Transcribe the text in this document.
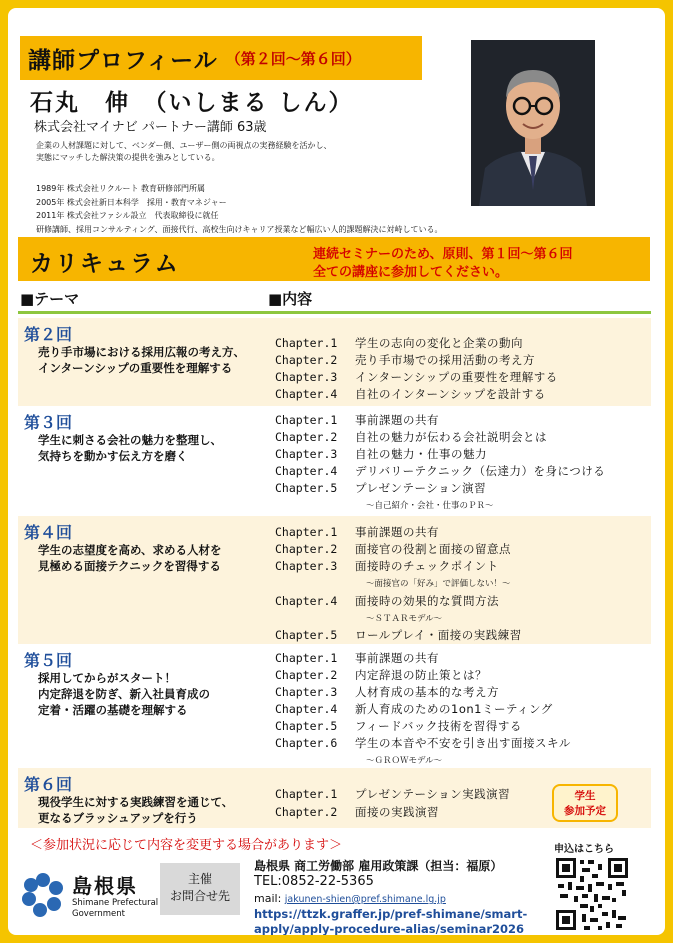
講師プロフィール （第２回～第６回）
石丸　伸　（いしまる しん）
株式会社マイナビ パートナー講師 63歳
企業の人材課題に対して、ベンダー側、ユーザー側の両視点の実務経験を活かし、
実態にマッチした解決策の提供を強みとしている。
1989年 株式会社リクルート 教育研修部門所属
2005年 株式会社新日本科学　採用・教育マネジャー
2011年 株式会社ファシル設立　代表取締役に就任
研修講師、採用コンサルティング、面接代行、高校生向けキャリア授業など幅広い人的課題解決に対峙している。
カリキュラム	連続セミナーのため、原則、第１回～第６回
全ての講座に参加してください。
■テーマ	■内容
第２回
売り手市場における採用広報の考え方、
インターンシップの重要性を理解する
Chapter.1 学生の志向の変化と企業の動向
Chapter.2 売り手市場での採用活動の考え方
Chapter.3 インターンシップの重要性を理解する
Chapter.4 自社のインターンシップを設計する
第３回
学生に刺さる会社の魅力を整理し、
気持ちを動かす伝え方を磨く
Chapter.1 事前課題の共有
Chapter.2 自社の魅力が伝わる会社説明会とは
Chapter.3 自社の魅力・仕事の魅力
Chapter.4 デリバリーテクニック（伝達力）を身につける
Chapter.5 プレゼンテーション演習
～自己紹介・会社・仕事のＰＲ～
第４回
学生の志望度を高め、求める人材を
見極める面接テクニックを習得する
Chapter.1 事前課題の共有
Chapter.2 面接官の役割と面接の留意点
Chapter.3 面接時のチェックポイント
～面接官の「好み」で評価しない！～
Chapter.4 面接時の効果的な質問方法
～ＳＴＡＲモデル～
Chapter.5 ロールプレイ・面接の実践練習
第５回
採用してからがスタート！
内定辞退を防ぎ、新入社員育成の
定着・活躍の基礎を理解する
Chapter.1 事前課題の共有
Chapter.2 内定辞退の防止策とは？
Chapter.3 人材育成の基本的な考え方
Chapter.4 新人育成のための1on1ミーティング
Chapter.5 フィードバック技術を習得する
Chapter.6 学生の本音や不安を引き出す面接スキル
～ＧＲＯＷモデル～
第６回
現役学生に対する実践練習を通じて、
更なるブラッシュアップを行う
Chapter.1 プレゼンテーション実践演習
Chapter.2 面接の実践演習
学生
参加予定
＜参加状況に応じて内容を変更する場合があります＞	申込はこちら
島根県
Shimane Prefectural
Government
主催
お問合せ先
島根県 商工労働部 雇用政策課（担当：福原）
TEL:0852-22-5365
mail: jakunen-shien@pref.shimane.lg.jp
https://ttzk.graffer.jp/pref-shimane/smart-
apply/apply-procedure-alias/seminar2026
